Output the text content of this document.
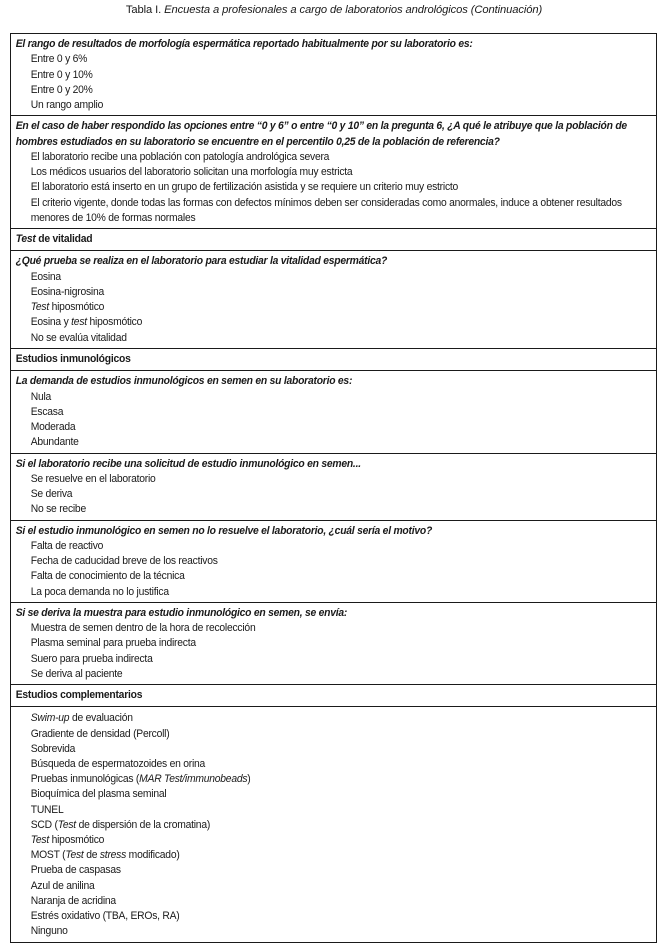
Tabla I. Encuesta a profesionales a cargo de laboratorios andrológicos (Continuación)
El rango de resultados de morfología espermática reportado habitualmente por su laboratorio es:
Entre 0 y 6%
Entre 0 y 10%
Entre 0 y 20%
Un rango amplio
En el caso de haber respondido las opciones entre “0 y 6” o entre “0 y 10” en la pregunta 6, ¿A qué le atribuye que la población de hombres estudiados en su laboratorio se encuentre en el percentilo 0,25 de la población de referencia?
El laboratorio recibe una población con patología andrológica severa
Los médicos usuarios del laboratorio solicitan una morfología muy estricta
El laboratorio está inserto en un grupo de fertilización asistida y se requiere un criterio muy estricto
El criterio vigente, donde todas las formas con defectos mínimos deben ser consideradas como anormales, induce a obtener resultados menores de 10% de formas normales
Test de vitalidad
¿Qué prueba se realiza en el laboratorio para estudiar la vitalidad espermática?
Eosina
Eosina-nigrosina
Test hiposmótico
Eosina y test hiposmótico
No se evalúa vitalidad
Estudios inmunológicos
La demanda de estudios inmunológicos en semen en su laboratorio es:
Nula
Escasa
Moderada
Abundante
Si el laboratorio recibe una solicitud de estudio inmunológico en semen...
Se resuelve en el laboratorio
Se deriva
No se recibe
Si el estudio inmunológico en semen no lo resuelve el laboratorio, ¿cuál sería el motivo?
Falta de reactivo
Fecha de caducidad breve de los reactivos
Falta de conocimiento de la técnica
La poca demanda no lo justifica
Si se deriva la muestra para estudio inmunológico en semen, se envía:
Muestra de semen dentro de la hora de recolección
Plasma seminal para prueba indirecta
Suero para prueba indirecta
Se deriva al paciente
Estudios complementarios
Swim-up de evaluación
Gradiente de densidad (Percoll)
Sobrevida
Búsqueda de espermatozoides en orina
Pruebas inmunológicas (MAR Test/immunobeads)
Bioquímica del plasma seminal
TUNEL
SCD (Test de dispersión de la cromatina)
Test hiposmótico
MOST (Test de stress modificado)
Prueba de caspasas
Azul de anilina
Naranja de acridina
Estrés oxidativo (TBA, EROs, RA)
Ninguno
